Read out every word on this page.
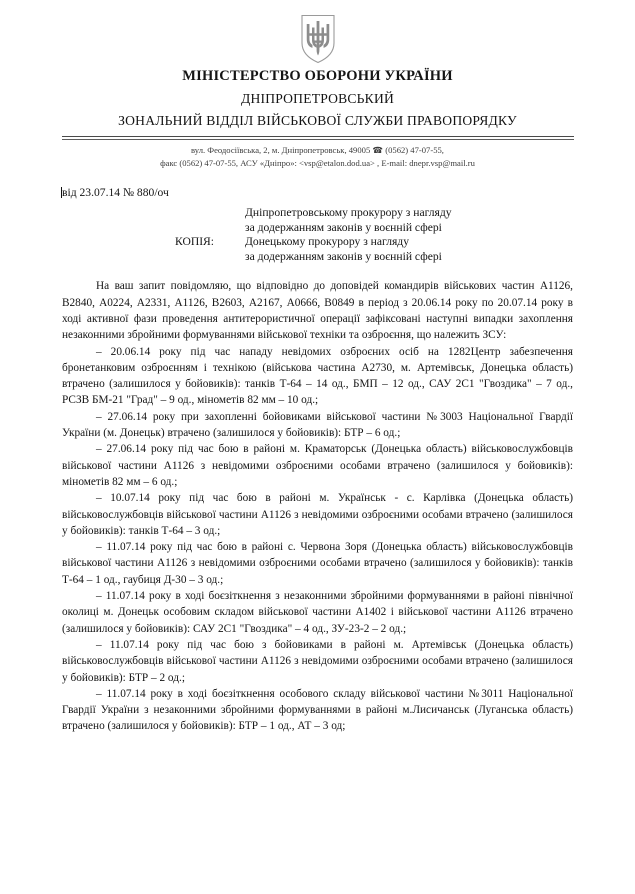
МІНІСТЕРСТВО ОБОРОНИ УКРАЇНИ
ДНІПРОПЕТРОВСЬКИЙ
ЗОНАЛЬНИЙ ВІДДІЛ ВІЙСЬКОВОЇ СЛУЖБИ ПРАВОПОРЯДКУ
вул. Феодосіївська, 2, м. Дніпропетровськ, 49005 ☎ (0562) 47-07-55,
факс (0562) 47-07-55, АСУ «Дніпро»: <vsp@etalon.dod.ua> , E-mail: dnepr.vsp@mail.ru
від 23.07.14 № 880/оч
КОПІЯ:
Дніпропетровському прокурору з нагляду
за додержанням законів у воєнній сфері
Донецькому прокурору з нагляду
за додержанням законів у воєнній сфері

На ваш запит повідомляю, що відповідно до доповідей командирів військових частин А1126, В2840, А0224, А2331, А1126, В2603, А2167, А0666, В0849 в період з 20.06.14 року по 20.07.14 року в ході активної фази проведення антитерористичної операції зафіксовані наступні випадки захоплення незаконними збройними формуваннями військової техніки та озброєння, що належить ЗСУ:

– 20.06.14 року під час нападу невідомих озброєних осіб на 1282Центр забезпечення бронетанковим озброєнням і технікою (військова частина А2730, м. Артемівськ, Донецька область) втрачено (залишилося у бойовиків): танків Т-64 – 14 од., БМП – 12 од., САУ 2С1 "Гвоздика" – 7 од., РСЗВ БМ-21 "Град" – 9 од., мінометів 82 мм – 10 од.;

– 27.06.14 року при захопленні бойовиками військової частини №3003 Національної Гвардії України (м. Донецьк) втрачено (залишилося у бойовиків): БТР – 6 од.;

– 27.06.14 року під час бою в районі м. Краматорськ (Донецька область) військовослужбовців військової частини А1126 з невідомими озброєними особами втрачено (залишилося у бойовиків): мінометів 82 мм – 6 од.;

– 10.07.14 року під час бою в районі м. Українськ - с. Карлівка (Донецька область) військовослужбовців військової частини А1126 з невідомими озброєними особами втрачено (залишилося у бойовиків): танків Т-64 – 3 од.;

– 11.07.14 року під час бою в районі с. Червона Зоря (Донецька область) військовослужбовців військової частини А1126 з невідомими озброєними особами втрачено (залишилося у бойовиків): танків Т-64 – 1 од., гаубиця Д-30 – 3 од.;

– 11.07.14 року в ході боєзіткнення з незаконними збройними формуваннями в районі північної околиці м. Донецьк особовим складом військової частини А1402 і військової частини А1126 втрачено (залишилося у бойовиків): САУ 2С1 "Гвоздика" – 4 од., ЗУ-23-2 – 2 од.;

– 11.07.14 року під час бою з бойовиками в районі м. Артемівськ (Донецька область) військовослужбовців військової частини А1126 з невідомими озброєними особами втрачено (залишилося у бойовиків): БТР – 2 од.;

– 11.07.14 року в ході боєзіткнення особового складу військової частини №3011 Національної Гвардії України з незаконними збройними формуваннями в районі м.Лисичанськ (Луганська область) втрачено (залишилося у бойовиків): БТР – 1 од., АТ – 3 од;
